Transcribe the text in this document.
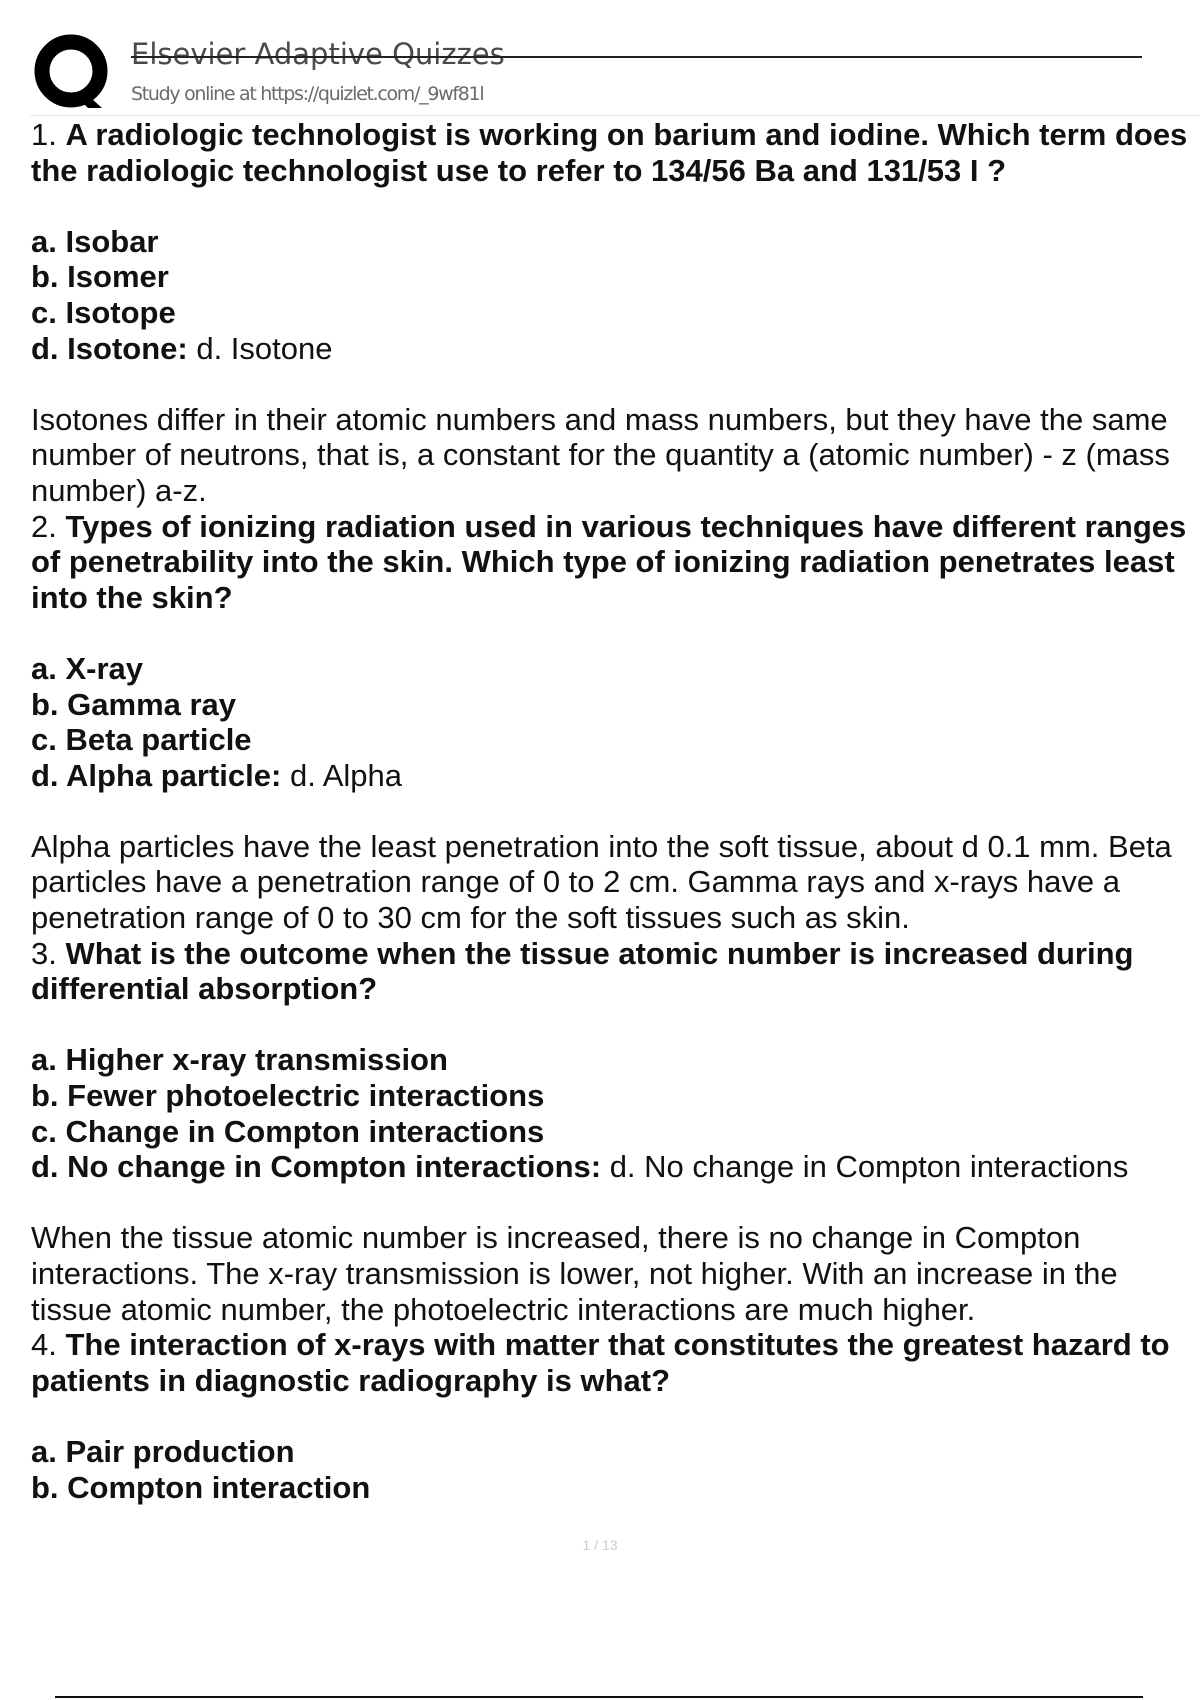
Elsevier Adaptive Quizzes
Study online at https://quizlet.com/_9wf81l
1. A radiologic technologist is working on barium and iodine. Which term does the radiologic technologist use to refer to 134/56 Ba and 131/53 I ?
a. Isobar
b. Isomer
c. Isotope
d. Isotone: d. Isotone
Isotones differ in their atomic numbers and mass numbers, but they have the same number of neutrons, that is, a constant for the quantity a (atomic number) - z (mass number) a-z.
2. Types of ionizing radiation used in various techniques have different ranges of penetrability into the skin. Which type of ionizing radiation penetrates least into the skin?
a. X-ray
b. Gamma ray
c. Beta particle
d. Alpha particle: d. Alpha
Alpha particles have the least penetration into the soft tissue, about d 0.1 mm. Beta particles have a penetration range of 0 to 2 cm. Gamma rays and x-rays have a penetration range of 0 to 30 cm for the soft tissues such as skin.
3. What is the outcome when the tissue atomic number is increased during differential absorption?
a. Higher x-ray transmission
b. Fewer photoelectric interactions
c. Change in Compton interactions
d. No change in Compton interactions: d. No change in Compton interactions
When the tissue atomic number is increased, there is no change in Compton interactions. The x-ray transmission is lower, not higher. With an increase in the tissue atomic number, the photoelectric interactions are much higher.
4. The interaction of x-rays with matter that constitutes the greatest hazard to patients in diagnostic radiography is what?
a. Pair production
b. Compton interaction
1 / 13
